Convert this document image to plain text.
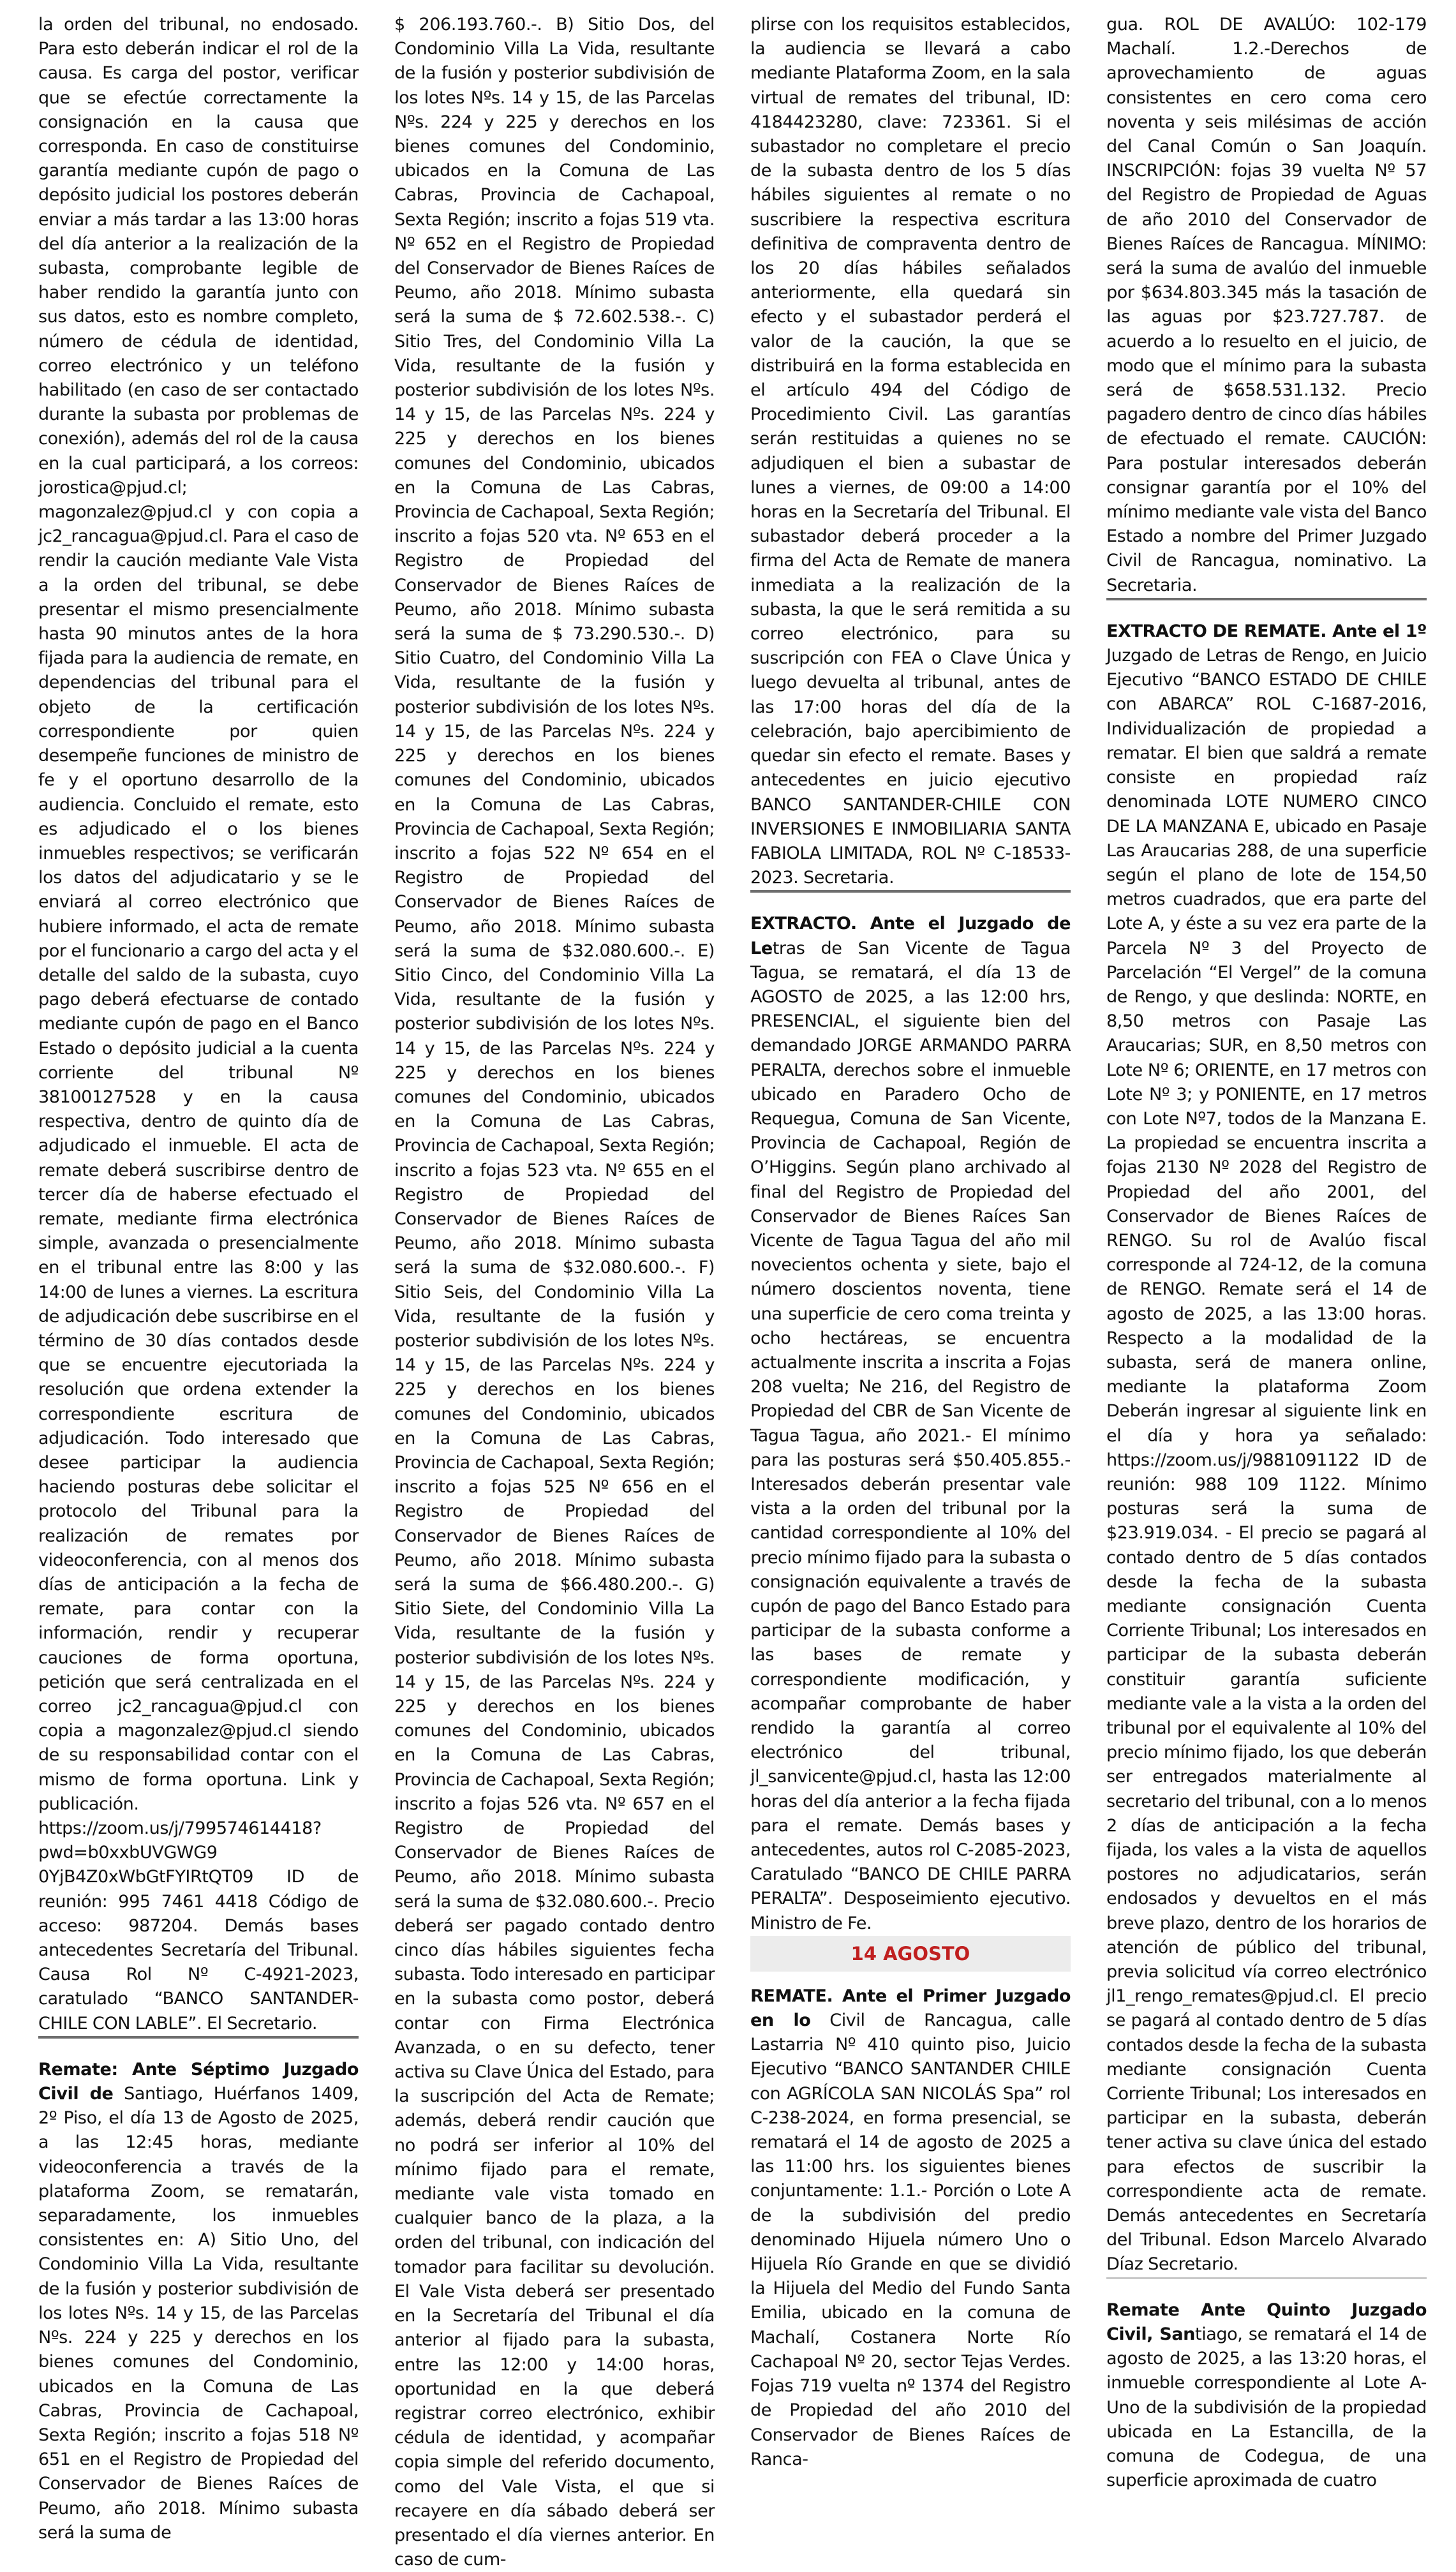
la orden del tribunal, no endosado. Para esto deberán indicar el rol de la causa. Es carga del postor, verificar que se efectúe correctamente la consignación en la causa que corresponda. En caso de constituirse garantía mediante cupón de pago o depósito judicial los postores deberán enviar a más tardar a las 13:00 horas del día anterior a la realización de la subasta, comprobante legible de haber rendido la garantía junto con sus datos, esto es nombre completo, número de cédula de identidad, correo electrónico y un teléfono habilitado (en caso de ser contactado durante la subasta por problemas de conexión), además del rol de la causa en la cual participará, a los correos: jorostica@pjud.cl; magonzalez@pjud.cl y con copia a jc2_rancagua@pjud.cl. Para el caso de rendir la caución mediante Vale Vista a la orden del tribunal, se debe presentar el mismo presencialmente hasta 90 minutos antes de la hora fijada para la audiencia de remate, en dependencias del tribunal para el objeto de la certificación correspondiente por quien desempeñe funciones de ministro de fe y el oportuno desarrollo de la audiencia. Concluido el remate, esto es adjudicado el o los bienes inmuebles respectivos; se verificarán los datos del adjudicatario y se le enviará al correo electrónico que hubiere informado, el acta de remate por el funcionario a cargo del acta y el detalle del saldo de la subasta, cuyo pago deberá efectuarse de contado mediante cupón de pago en el Banco Estado o depósito judicial a la cuenta corriente del tribunal Nº 38100127528 y en la causa respectiva, dentro de quinto día de adjudicado el inmueble. El acta de remate deberá suscribirse dentro de tercer día de haberse efectuado el remate, mediante firma electrónica simple, avanzada o presencialmente en el tribunal entre las 8:00 y las 14:00 de lunes a viernes. La escritura de adjudicación debe suscribirse en el término de 30 días contados desde que se encuentre ejecutoriada la resolución que ordena extender la correspondiente escritura de adjudicación. Todo interesado que desee participar la audiencia haciendo posturas debe solicitar el protocolo del Tribunal para la realización de remates por videoconferencia, con al menos dos días de anticipación a la fecha de remate, para contar con la información, rendir y recuperar cauciones de forma oportuna, petición que será centralizada en el correo jc2_rancagua@pjud.cl con copia a magonzalez@pjud.cl siendo de su responsabilidad contar con el mismo de forma oportuna. Link y publicación. https://zoom.us/j/799574614418?pwd=b0xxbUVGWG9 0YjB4Z0xWbGtFYIRtQT09 ID de reunión: 995 7461 4418 Código de acceso: 987204. Demás bases antecedentes Secretaría del Tribunal. Causa Rol Nº C-4921-2023, caratulado “BANCO SANTANDER-CHILE CON LABLE”. El Secretario.

Remate: Ante Séptimo Juzgado Civil de Santiago, Huérfanos 1409, 2º Piso, el día 13 de Agosto de 2025, a las 12:45 horas, mediante videoconferencia a través de la plataforma Zoom, se rematarán, separadamente, los inmuebles consistentes en: A) Sitio Uno, del Condominio Villa La Vida, resultante de la fusión y posterior subdivisión de los lotes Nºs. 14 y 15, de las Parcelas Nºs. 224 y 225 y derechos en los bienes comunes del Condominio, ubicados en la Comuna de Las Cabras, Provincia de Cachapoal, Sexta Región; inscrito a fojas 518 Nº 651 en el Registro de Propiedad del Conservador de Bienes Raíces de Peumo, año 2018. Mínimo subasta será la suma de

$ 206.193.760.-. B) Sitio Dos, del Condominio Villa La Vida, resultante de la fusión y posterior subdivisión de los lotes Nºs. 14 y 15, de las Parcelas Nºs. 224 y 225 y derechos en los bienes comunes del Condominio, ubicados en la Comuna de Las Cabras, Provincia de Cachapoal, Sexta Región; inscrito a fojas 519 vta. Nº 652 en el Registro de Propiedad del Conservador de Bienes Raíces de Peumo, año 2018. Mínimo subasta será la suma de $ 72.602.538.-. C) Sitio Tres, del Condominio Villa La Vida, resultante de la fusión y posterior subdivisión de los lotes Nºs. 14 y 15, de las Parcelas Nºs. 224 y 225 y derechos en los bienes comunes del Condominio, ubicados en la Comuna de Las Cabras, Provincia de Cachapoal, Sexta Región; inscrito a fojas 520 vta. Nº 653 en el Registro de Propiedad del Conservador de Bienes Raíces de Peumo, año 2018. Mínimo subasta será la suma de $ 73.290.530.-. D) Sitio Cuatro, del Condominio Villa La Vida, resultante de la fusión y posterior subdivisión de los lotes Nºs. 14 y 15, de las Parcelas Nºs. 224 y 225 y derechos en los bienes comunes del Condominio, ubicados en la Comuna de Las Cabras, Provincia de Cachapoal, Sexta Región; inscrito a fojas 522 Nº 654 en el Registro de Propiedad del Conservador de Bienes Raíces de Peumo, año 2018. Mínimo subasta será la suma de $32.080.600.-. E) Sitio Cinco, del Condominio Villa La Vida, resultante de la fusión y posterior subdivisión de los lotes Nºs. 14 y 15, de las Parcelas Nºs. 224 y 225 y derechos en los bienes comunes del Condominio, ubicados en la Comuna de Las Cabras, Provincia de Cachapoal, Sexta Región; inscrito a fojas 523 vta. Nº 655 en el Registro de Propiedad del Conservador de Bienes Raíces de Peumo, año 2018. Mínimo subasta será la suma de $32.080.600.-. F) Sitio Seis, del Condominio Villa La Vida, resultante de la fusión y posterior subdivisión de los lotes Nºs. 14 y 15, de las Parcelas Nºs. 224 y 225 y derechos en los bienes comunes del Condominio, ubicados en la Comuna de Las Cabras, Provincia de Cachapoal, Sexta Región; inscrito a fojas 525 Nº 656 en el Registro de Propiedad del Conservador de Bienes Raíces de Peumo, año 2018. Mínimo subasta será la suma de $66.480.200.-. G) Sitio Siete, del Condominio Villa La Vida, resultante de la fusión y posterior subdivisión de los lotes Nºs. 14 y 15, de las Parcelas Nºs. 224 y 225 y derechos en los bienes comunes del Condominio, ubicados en la Comuna de Las Cabras, Provincia de Cachapoal, Sexta Región; inscrito a fojas 526 vta. Nº 657 en el Registro de Propiedad del Conservador de Bienes Raíces de Peumo, año 2018. Mínimo subasta será la suma de $32.080.600.-. Precio deberá ser pagado contado dentro cinco días hábiles siguientes fecha subasta. Todo interesado en participar en la subasta como postor, deberá contar con Firma Electrónica Avanzada, o en su defecto, tener activa su Clave Única del Estado, para la suscripción del Acta de Remate; además, deberá rendir caución que no podrá ser inferior al 10% del mínimo fijado para el remate, mediante vale vista tomado en cualquier banco de la plaza, a la orden del tribunal, con indicación del tomador para facilitar su devolución. El Vale Vista deberá ser presentado en la Secretaría del Tribunal el día anterior al fijado para la subasta, entre las 12:00 y 14:00 horas, oportunidad en la que deberá registrar correo electrónico, exhibir cédula de identidad, y acompañar copia simple del referido documento, como del Vale Vista, el que si recayere en día sábado deberá ser presentado el día viernes anterior. En caso de cum-

plirse con los requisitos establecidos, la audiencia se llevará a cabo mediante Plataforma Zoom, en la sala virtual de remates del tribunal, ID: 4184423280, clave: 723361. Si el subastador no completare el precio de la subasta dentro de los 5 días hábiles siguientes al remate o no suscribiere la respectiva escritura definitiva de compraventa dentro de los 20 días hábiles señalados anteriormente, ella quedará sin efecto y el subastador perderá el valor de la caución, la que se distribuirá en la forma establecida en el artículo 494 del Código de Procedimiento Civil. Las garantías serán restituidas a quienes no se adjudiquen el bien a subastar de lunes a viernes, de 09:00 a 14:00 horas en la Secretaría del Tribunal. El subastador deberá proceder a la firma del Acta de Remate de manera inmediata a la realización de la subasta, la que le será remitida a su correo electrónico, para su suscripción con FEA o Clave Única y luego devuelta al tribunal, antes de las 17:00 horas del día de la celebración, bajo apercibimiento de quedar sin efecto el remate. Bases y antecedentes en juicio ejecutivo BANCO SANTANDER-CHILE CON INVERSIONES E INMOBILIARIA SANTA FABIOLA LIMITADA, ROL Nº C-18533-2023. Secretaria.

EXTRACTO. Ante el Juzgado de Letras de San Vicente de Tagua Tagua, se rematará, el día 13 de AGOSTO de 2025, a las 12:00 hrs, PRESENCIAL, el siguiente bien del demandado JORGE ARMANDO PARRA PERALTA, derechos sobre el inmueble ubicado en Paradero Ocho de Requegua, Comuna de San Vicente, Provincia de Cachapoal, Región de O’Higgins. Según plano archivado al final del Registro de Propiedad del Conservador de Bienes Raíces San Vicente de Tagua Tagua del año mil novecientos ochenta y siete, bajo el número doscientos noventa, tiene una superficie de cero coma treinta y ocho hectáreas, se encuentra actualmente inscrita a inscrita a Fojas 208 vuelta; Ne 216, del Registro de Propiedad del CBR de San Vicente de Tagua Tagua, año 2021.- El mínimo para las posturas será $50.405.855.- Interesados deberán presentar vale vista a la orden del tribunal por la cantidad correspondiente al 10% del precio mínimo fijado para la subasta o consignación equivalente a través de cupón de pago del Banco Estado para participar de la subasta conforme a las bases de remate y correspondiente modificación, y acompañar comprobante de haber rendido la garantía al correo electrónico del tribunal, jl_sanvicente@pjud.cl, hasta las 12:00 horas del día anterior a la fecha fijada para el remate. Demás bases y antecedentes, autos rol C-2085-2023, Caratulado “BANCO DE CHILE PARRA PERALTA”. Desposeimiento ejecutivo. Ministro de Fe.

14 AGOSTO

REMATE. Ante el Primer Juzgado en lo Civil de Rancagua, calle Lastarria Nº 410 quinto piso, Juicio Ejecutivo “BANCO SANTANDER CHILE con AGRÍCOLA SAN NICOLÁS Spa” rol C-238-2024, en forma presencial, se rematará el 14 de agosto de 2025 a las 11:00 hrs. los siguientes bienes conjuntamente: 1.1.- Porción o Lote A de la subdivisión del predio denominado Hijuela número Uno o Hijuela Río Grande en que se dividió la Hijuela del Medio del Fundo Santa Emilia, ubicado en la comuna de Machalí, Costanera Norte Río Cachapoal Nº 20, sector Tejas Verdes. Fojas 719 vuelta nº 1374 del Registro de Propiedad del año 2010 del Conservador de Bienes Raíces de Ranca-

gua. ROL DE AVALÚO: 102-179 Machalí. 1.2.-Derechos de aprovechamiento de aguas consistentes en cero coma cero noventa y seis milésimas de acción del Canal Común o San Joaquín. INSCRIPCIÓN: fojas 39 vuelta Nº 57 del Registro de Propiedad de Aguas de año 2010 del Conservador de Bienes Raíces de Rancagua. MÍNIMO: será la suma de avalúo del inmueble por $634.803.345 más la tasación de las aguas por $23.727.787. de acuerdo a lo resuelto en el juicio, de modo que el mínimo para la subasta será de $658.531.132. Precio pagadero dentro de cinco días hábiles de efectuado el remate. CAUCIÓN: Para postular interesados deberán consignar garantía por el 10% del mínimo mediante vale vista del Banco Estado a nombre del Primer Juzgado Civil de Rancagua, nominativo. La Secretaria.

EXTRACTO DE REMATE. Ante el 1º Juzgado de Letras de Rengo, en Juicio Ejecutivo “BANCO ESTADO DE CHILE con ABARCA” ROL C-1687-2016, Individualización de propiedad a rematar. El bien que saldrá a remate consiste en propiedad raíz denominada LOTE NUMERO CINCO DE LA MANZANA E, ubicado en Pasaje Las Araucarias 288, de una superficie según el plano de lote de 154,50 metros cuadrados, que era parte del Lote A, y éste a su vez era parte de la Parcela Nº 3 del Proyecto de Parcelación “El Vergel” de la comuna de Rengo, y que deslinda: NORTE, en 8,50 metros con Pasaje Las Araucarias; SUR, en 8,50 metros con Lote Nº 6; ORIENTE, en 17 metros con Lote Nº 3; y PONIENTE, en 17 metros con Lote Nº7, todos de la Manzana E. La propiedad se encuentra inscrita a fojas 2130 Nº 2028 del Registro de Propiedad del año 2001, del Conservador de Bienes Raíces de RENGO. Su rol de Avalúo fiscal corresponde al 724-12, de la comuna de RENGO. Remate será el 14 de agosto de 2025, a las 13:00 horas. Respecto a la modalidad de la subasta, será de manera online, mediante la plataforma Zoom Deberán ingresar al siguiente link en el día y hora ya señalado: https://zoom.us/j/9881091122 ID de reunión: 988 109 1122. Mínimo posturas será la suma de $23.919.034. - El precio se pagará al contado dentro de 5 días contados desde la fecha de la subasta mediante consignación Cuenta Corriente Tribunal; Los interesados en participar de la subasta deberán constituir garantía suficiente mediante vale a la vista a la orden del tribunal por el equivalente al 10% del precio mínimo fijado, los que deberán ser entregados materialmente al secretario del tribunal, con a lo menos 2 días de anticipación a la fecha fijada, los vales a la vista de aquellos postores no adjudicatarios, serán endosados y devueltos en el más breve plazo, dentro de los horarios de atención de público del tribunal, previa solicitud vía correo electrónico jl1_rengo_remates@pjud.cl. El precio se pagará al contado dentro de 5 días contados desde la fecha de la subasta mediante consignación Cuenta Corriente Tribunal; Los interesados en participar en la subasta, deberán tener activa su clave única del estado para efectos de suscribir la correspondiente acta de remate. Demás antecedentes en Secretaría del Tribunal. Edson Marcelo Alvarado Díaz Secretario.

Remate Ante Quinto Juzgado Civil, Santiago, se rematará el 14 de agosto de 2025, a las 13:20 horas, el inmueble correspondiente al Lote A-Uno de la subdivisión de la propiedad ubicada en La Estancilla, de la comuna de Codegua, de una superficie aproximada de cuatro
